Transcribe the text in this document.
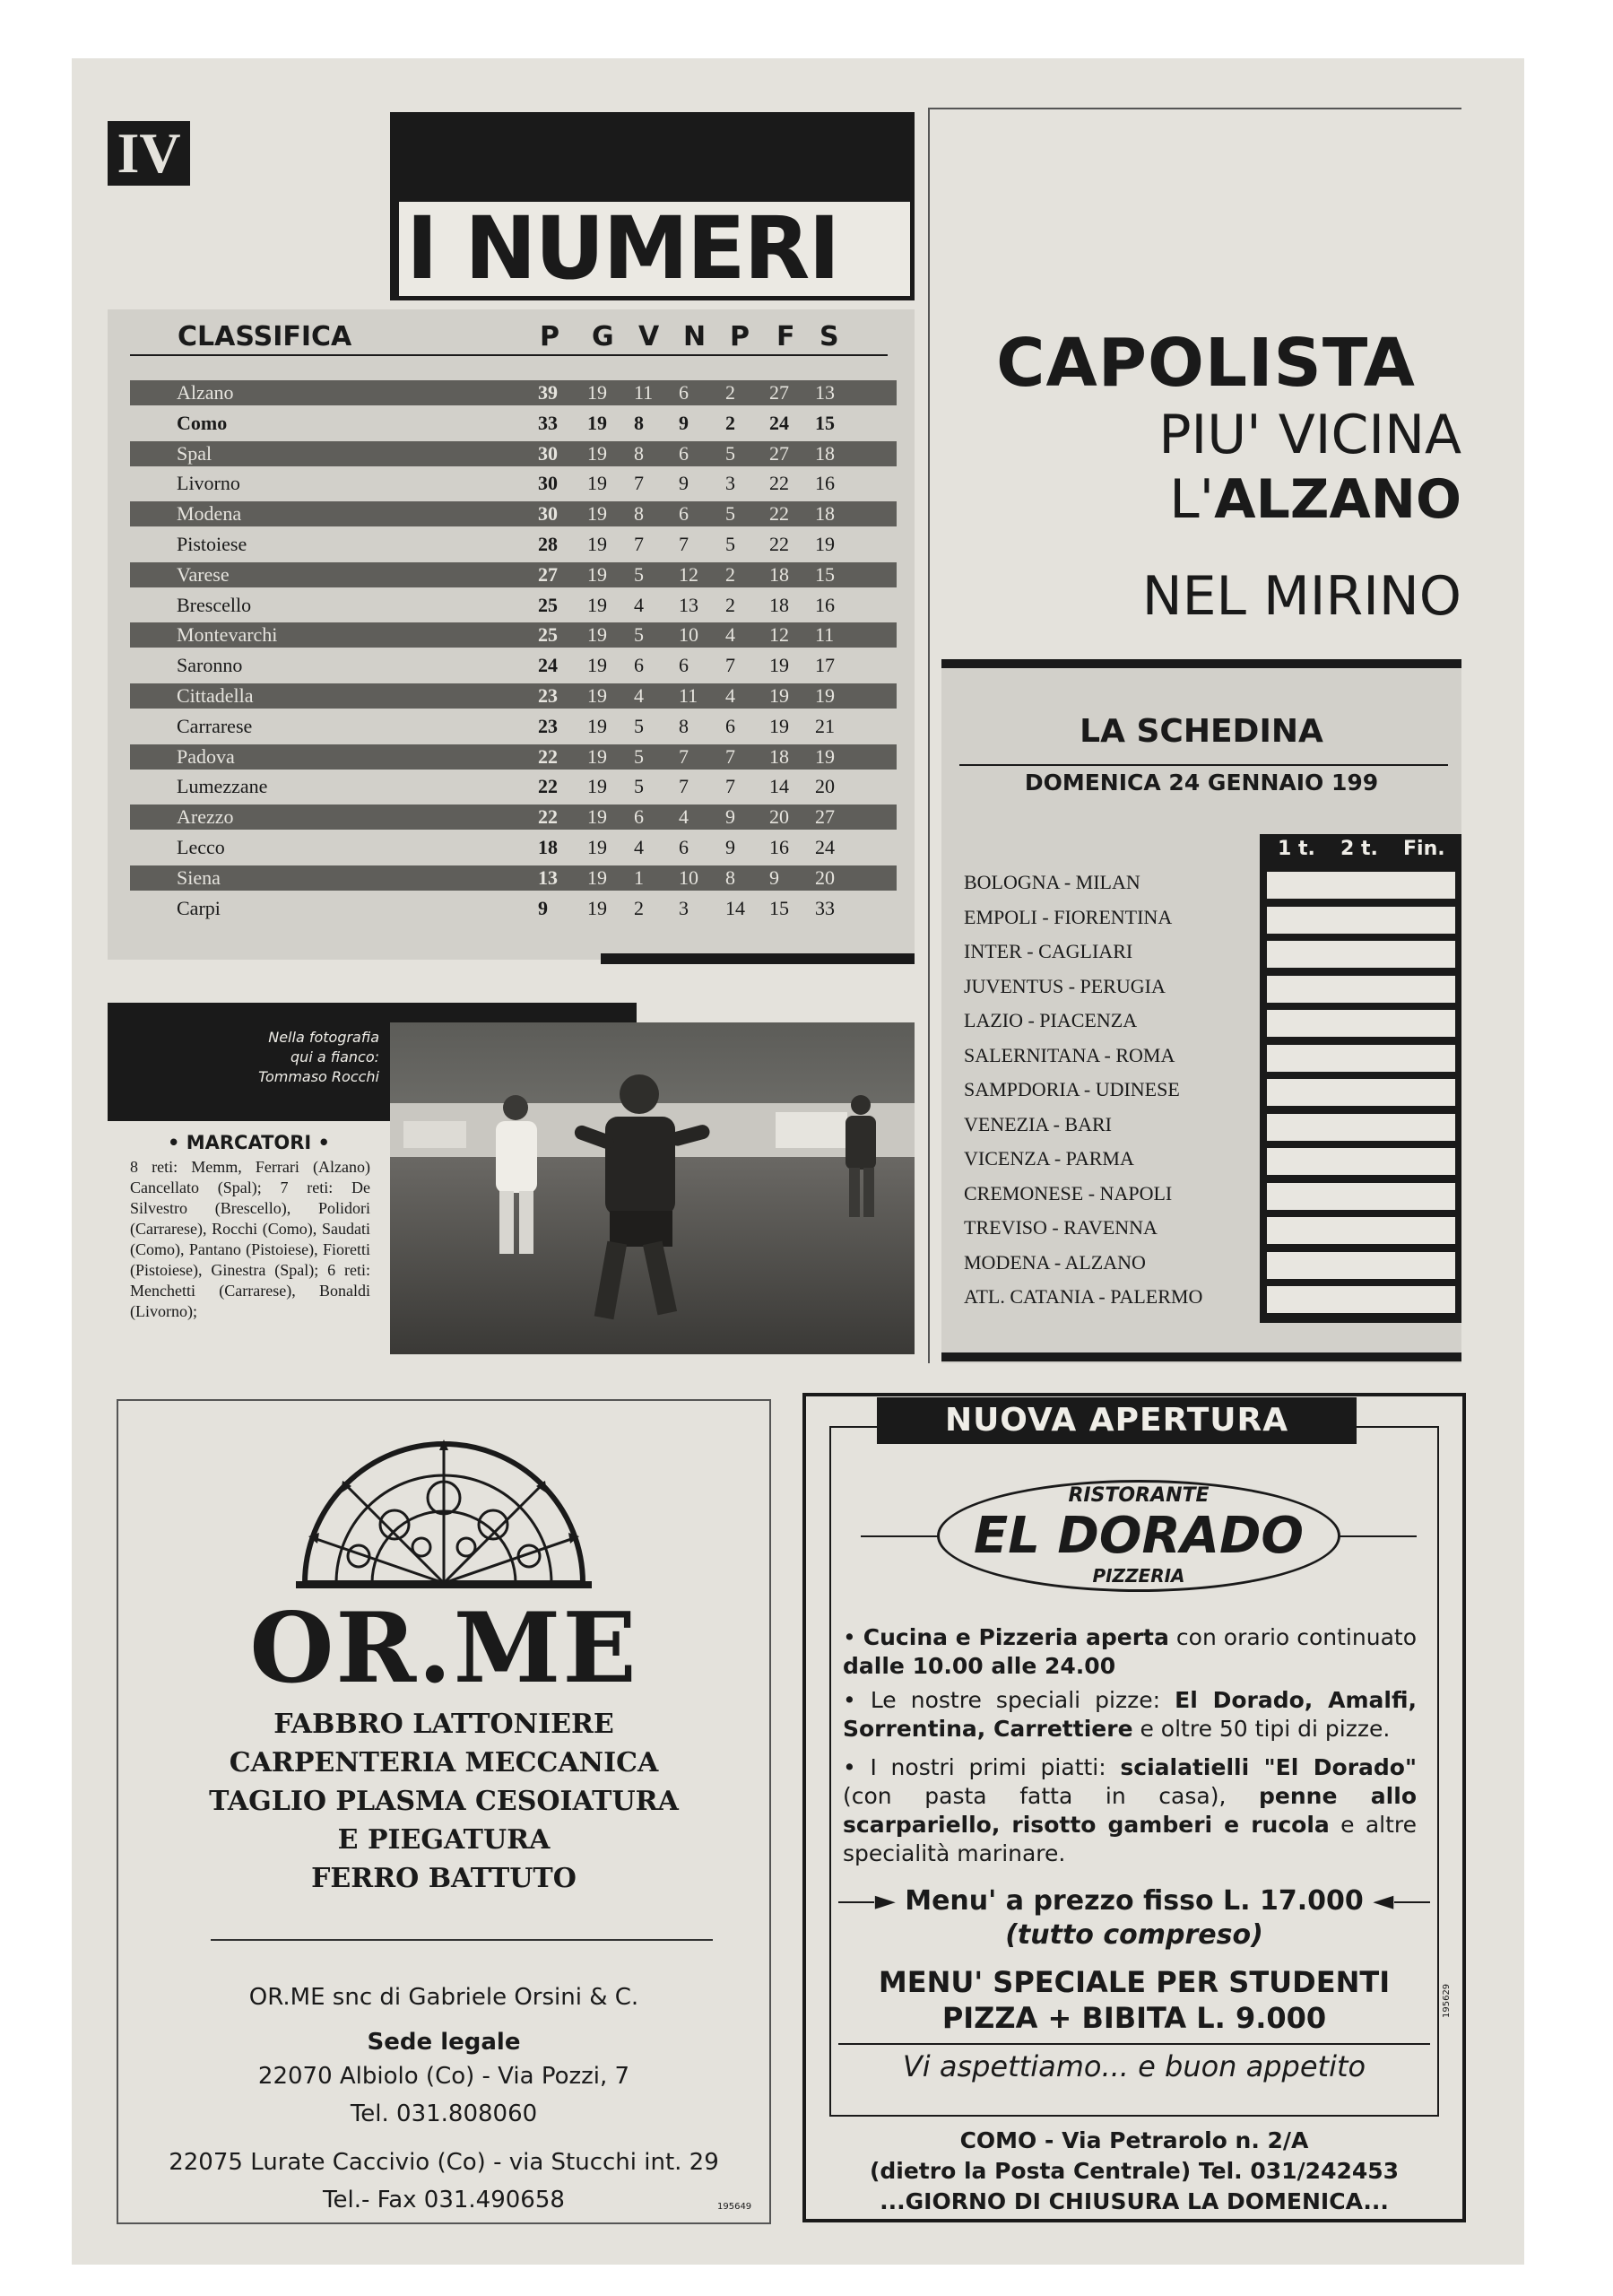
IV
I NUMERI
CLASSIFICA	P G V N P F S
Alzano	39 19 11 6 2 27 13
Como	33 19 8 9 2 24 15
Spal	30 19 8 6 5 27 18
Livorno	30 19 7 9 3 22 16
Modena	30 19 8 6 5 22 18
Pistoiese	28 19 7 7 5 22 19
Varese	27 19 5 12 2 18 15
Brescello	25 19 4 13 2 18 16
Montevarchi	25 19 5 10 4 12 11
Saronno	24 19 6 6 7 19 17
Cittadella	23 19 4 11 4 19 19
Carrarese	23 19 5 8 6 19 21
Padova	22 19 5 7 7 18 19
Lumezzane	22 19 5 7 7 14 20
Arezzo	22 19 6 4 9 20 27
Lecco	18 19 4 6 9 16 24
Siena	13 19 1 10 8 9 20
Carpi	9 19 2 3 14 15 33
Nella fotografia
qui a fianco:
Tommaso Rocchi
• MARCATORI •
8 reti: Memm, Ferrari (Alzano) Cancellato (Spal); 7 reti: De Silvestro (Brescello), Polidori (Carrarese), Rocchi (Como), Saudati (Como), Pantano (Pistoiese), Fioretti (Pistoiese), Ginestra (Spal); 6 reti: Menchetti (Carrarese), Bonaldi (Livorno);
CAPOLISTA
PIU' VICINA
L'ALZANO
NEL MIRINO
LA SCHEDINA
DOMENICA 24 GENNAIO 199
1 t. 2 t. Fin.
BOLOGNA - MILAN
EMPOLI - FIORENTINA
INTER - CAGLIARI
JUVENTUS - PERUGIA
LAZIO - PIACENZA
SALERNITANA - ROMA
SAMPDORIA - UDINESE
VENEZIA - BARI
VICENZA - PARMA
CREMONESE - NAPOLI
TREVISO - RAVENNA
MODENA - ALZANO
ATL. CATANIA - PALERMO
OR.ME
FABBRO LATTONIERE
CARPENTERIA MECCANICA
TAGLIO PLASMA CESOIATURA
E PIEGATURA
FERRO BATTUTO
OR.ME snc di Gabriele Orsini & C.
Sede legale
22070 Albiolo (Co) - Via Pozzi, 7
Tel. 031.808060
22075 Lurate Caccivio (Co) - via Stucchi int. 29
Tel.- Fax 031.490658	195649
NUOVA APERTURA
RISTORANTE
EL DORADO
PIZZERIA
• Cucina e Pizzeria aperta con orario continuato dalle 10.00 alle 24.00
• Le nostre speciali pizze: El Dorado, Amalfi, Sorrentina, Carrettiere e oltre 50 tipi di pizze.
• I nostri primi piatti: scialatielli "El Dorado" (con pasta fatta in casa), penne allo scarpariello, risotto gamberi e rucola e altre specialità marinare.
► Menu' a prezzo fisso L. 17.000 ◄
(tutto compreso)
MENU' SPECIALE PER STUDENTI
PIZZA + BIBITA L. 9.000
Vi aspettiamo... e buon appetito
195629
COMO - Via Petrarolo n. 2/A
(dietro la Posta Centrale) Tel. 031/242453
...GIORNO DI CHIUSURA LA DOMENICA...
